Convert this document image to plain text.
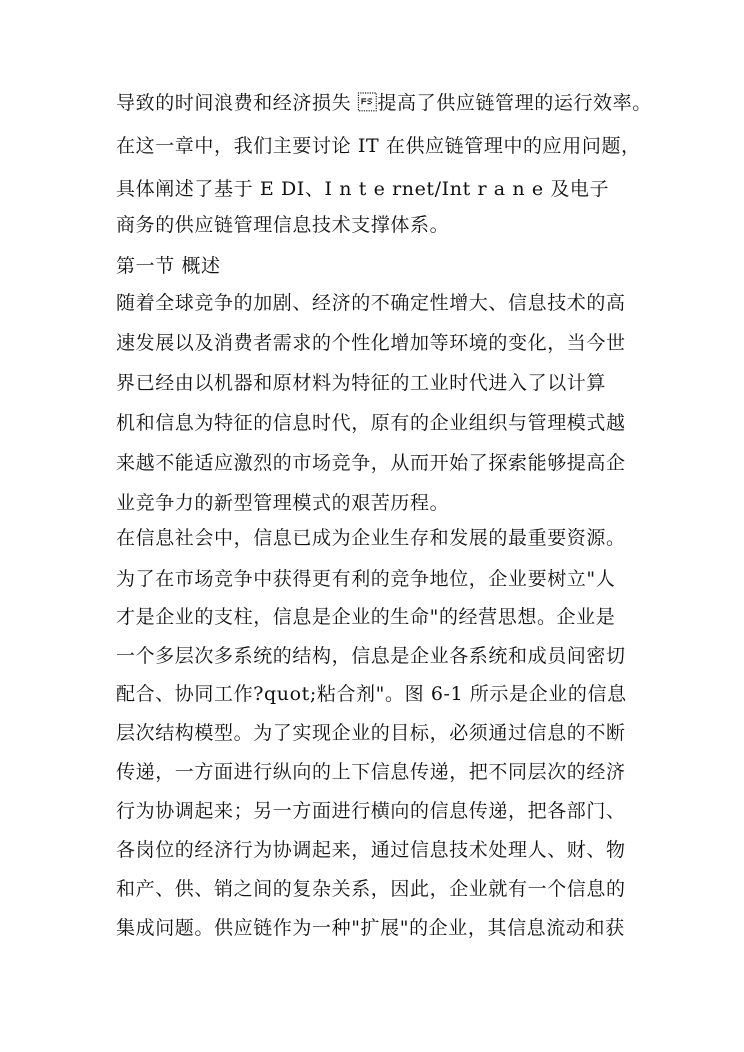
导致的时间浪费和经济损失 提高了供应链管理的运行效率。
在这一章中，我们主要讨论 IT 在供应链管理中的应用问题，
具体阐述了基于 E DI、I n t e rnet/Int r a n e 及电子
商务的供应链管理信息技术支撑体系。
第一节 概述
随着全球竞争的加剧、经济的不确定性增大、信息技术的高
速发展以及消费者需求的个性化增加等环境的变化，当今世
界已经由以机器和原材料为特征的工业时代进入了以计算
机和信息为特征的信息时代，原有的企业组织与管理模式越
来越不能适应激烈的市场竞争，从而开始了探索能够提高企
业竞争力的新型管理模式的艰苦历程。
在信息社会中，信息已成为企业生存和发展的最重要资源。
为了在市场竞争中获得更有利的竞争地位，企业要树立"人
才是企业的支柱，信息是企业的生命"的经营思想。企业是
一个多层次多系统的结构，信息是企业各系统和成员间密切
配合、协同工作?quot;粘合剂"。图 6-1 所示是企业的信息
层次结构模型。为了实现企业的目标，必须通过信息的不断
传递，一方面进行纵向的上下信息传递，把不同层次的经济
行为协调起来；另一方面进行横向的信息传递，把各部门、
各岗位的经济行为协调起来，通过信息技术处理人、财、物
和产、供、销之间的复杂关系，因此，企业就有一个信息的
集成问题。供应链作为一种"扩展"的企业，其信息流动和获
